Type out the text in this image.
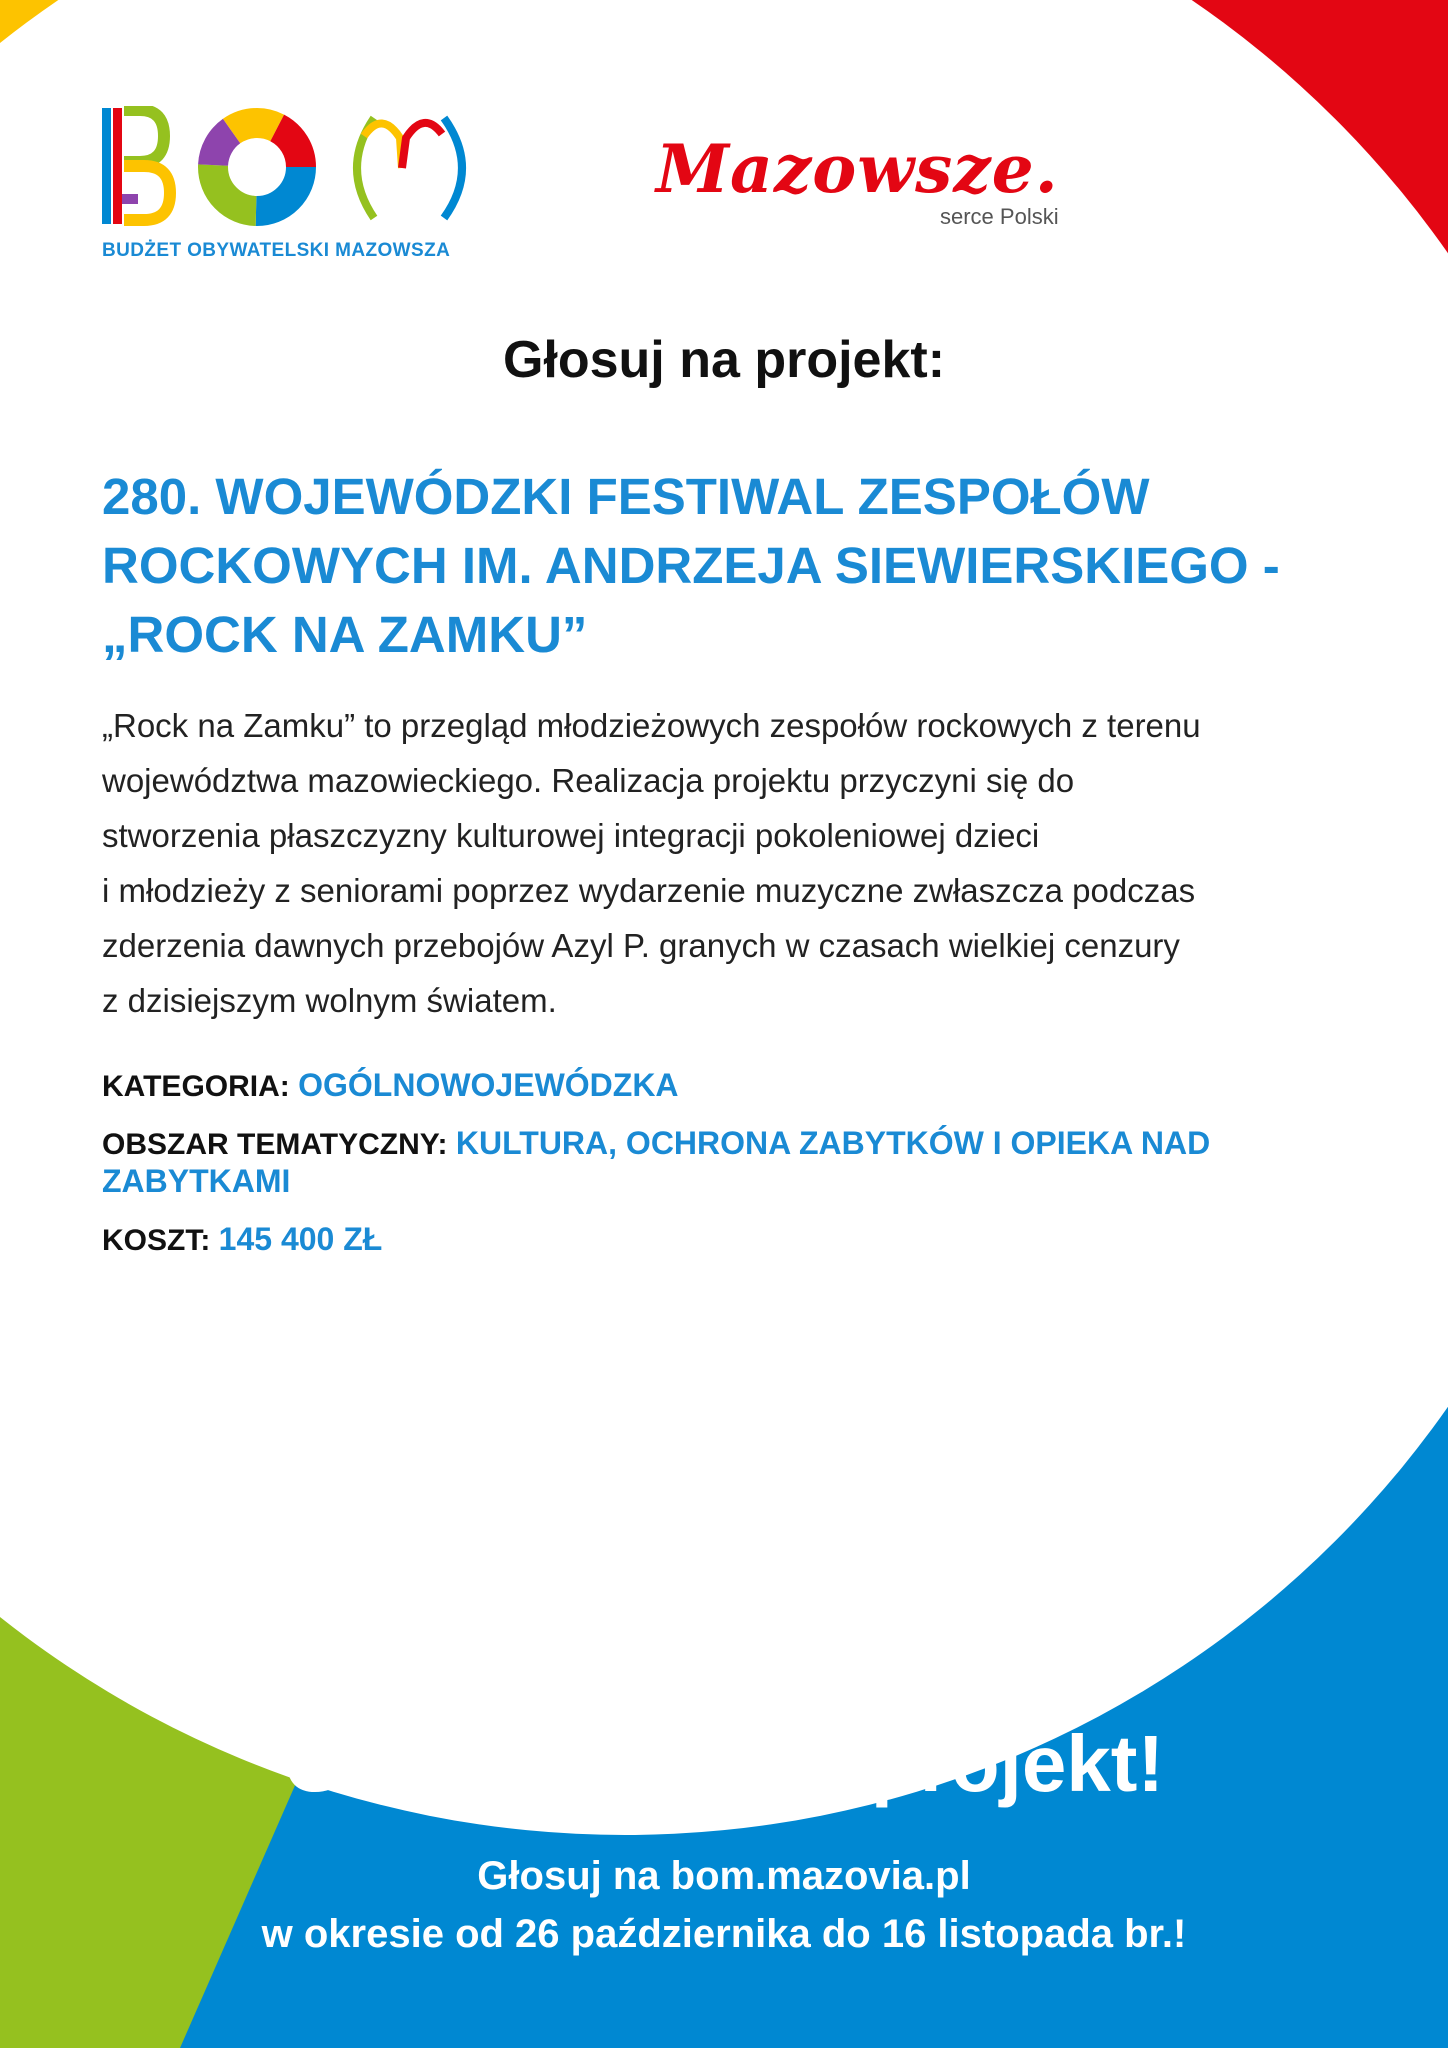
BUDŻET OBYWATELSKI MAZOWSZA
Mazowsze.
serce Polski
Głosuj na projekt:
280. WOJEWÓDZKI FESTIWAL ZESPOŁÓW
ROCKOWYCH IM. ANDRZEJA SIEWIERSKIEGO -
„ROCK NA ZAMKU”
„Rock na Zamku” to przegląd młodzieżowych zespołów rockowych z terenu
województwa mazowieckiego. Realizacja projektu przyczyni się do
stworzenia płaszczyzny kulturowej integracji pokoleniowej dzieci
i młodzieży z seniorami poprzez wydarzenie muzyczne zwłaszcza podczas
zderzenia dawnych przebojów Azyl P. granych w czasach wielkiej cenzury
z dzisiejszym wolnym światem.
KATEGORIA: OGÓLNOWOJEWÓDZKA
OBSZAR TEMATYCZNY: KULTURA, OCHRONA ZABYTKÓW I OPIEKA NAD ZABYTKAMI
KOSZT: 145 400 ZŁ
Głosuj na nasz projekt!
Głosuj na bom.mazovia.pl
w okresie od 26 października do 16 listopada br.!
